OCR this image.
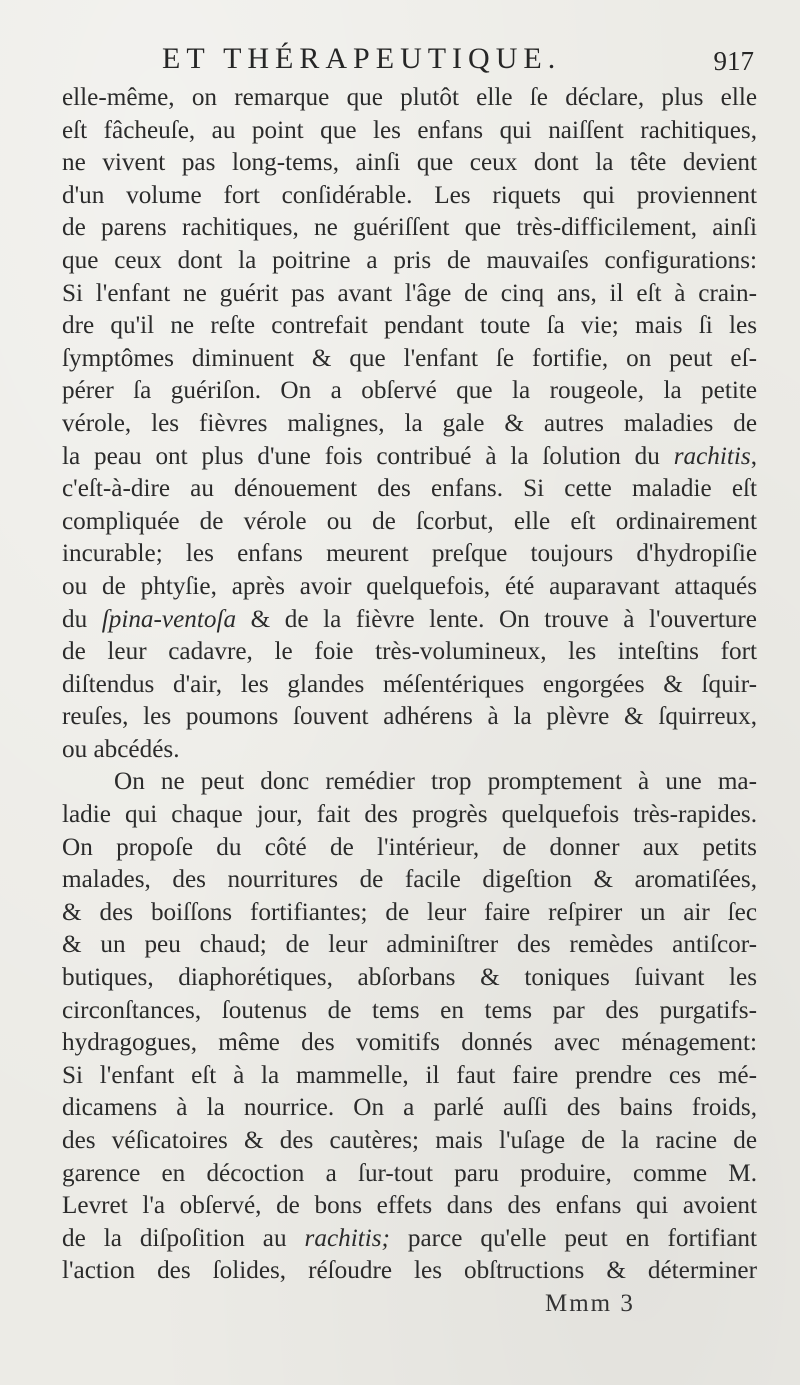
ET THÉRAPEUTIQUE.	917
elle-même, on remarque que plutôt elle ſe déclare, plus elle
eſt fâcheuſe, au point que les enfans qui naiſſent rachitiques,
ne vivent pas long-tems, ainſi que ceux dont la tête devient
d'un volume fort conſidérable. Les riquets qui proviennent
de parens rachitiques, ne guériſſent que très-difficilement, ainſi
que ceux dont la poitrine a pris de mauvaiſes configurations:
Si l'enfant ne guérit pas avant l'âge de cinq ans, il eſt à crain-
dre qu'il ne reſte contrefait pendant toute ſa vie; mais ſi les
ſymptômes diminuent & que l'enfant ſe fortifie, on peut eſ-
pérer ſa guériſon. On a obſervé que la rougeole, la petite
vérole, les fièvres malignes, la gale & autres maladies de
la peau ont plus d'une fois contribué à la ſolution du rachitis,
c'eſt-à-dire au dénouement des enfans. Si cette maladie eſt
compliquée de vérole ou de ſcorbut, elle eſt ordinairement
incurable; les enfans meurent preſque toujours d'hydropiſie
ou de phtyſie, après avoir quelquefois, été auparavant attaqués
du ſpina-ventoſa & de la fièvre lente. On trouve à l'ouverture
de leur cadavre, le foie très-volumineux, les inteſtins fort
diſtendus d'air, les glandes méſentériques engorgées & ſquir-
reuſes, les poumons ſouvent adhérens à la plèvre & ſquirreux,
ou abcédés.
On ne peut donc remédier trop promptement à une ma-
ladie qui chaque jour, fait des progrès quelquefois très-rapides.
On propoſe du côté de l'intérieur, de donner aux petits
malades, des nourritures de facile digeſtion & aromatiſées,
& des boiſſons fortifiantes; de leur faire reſpirer un air ſec
& un peu chaud; de leur adminiſtrer des remèdes antiſcor-
butiques, diaphorétiques, abſorbans & toniques ſuivant les
circonſtances, ſoutenus de tems en tems par des purgatifs-
hydragogues, même des vomitifs donnés avec ménagement:
Si l'enfant eſt à la mammelle, il faut faire prendre ces mé-
dicamens à la nourrice. On a parlé auſſi des bains froids,
des véſicatoires & des cautères; mais l'uſage de la racine de
garence en décoction a ſur-tout paru produire, comme M.
Levret l'a obſervé, de bons effets dans des enfans qui avoient
de la diſpoſition au rachitis; parce qu'elle peut en fortifiant
l'action des ſolides, réſoudre les obſtructions & déterminer
Mmm 3
